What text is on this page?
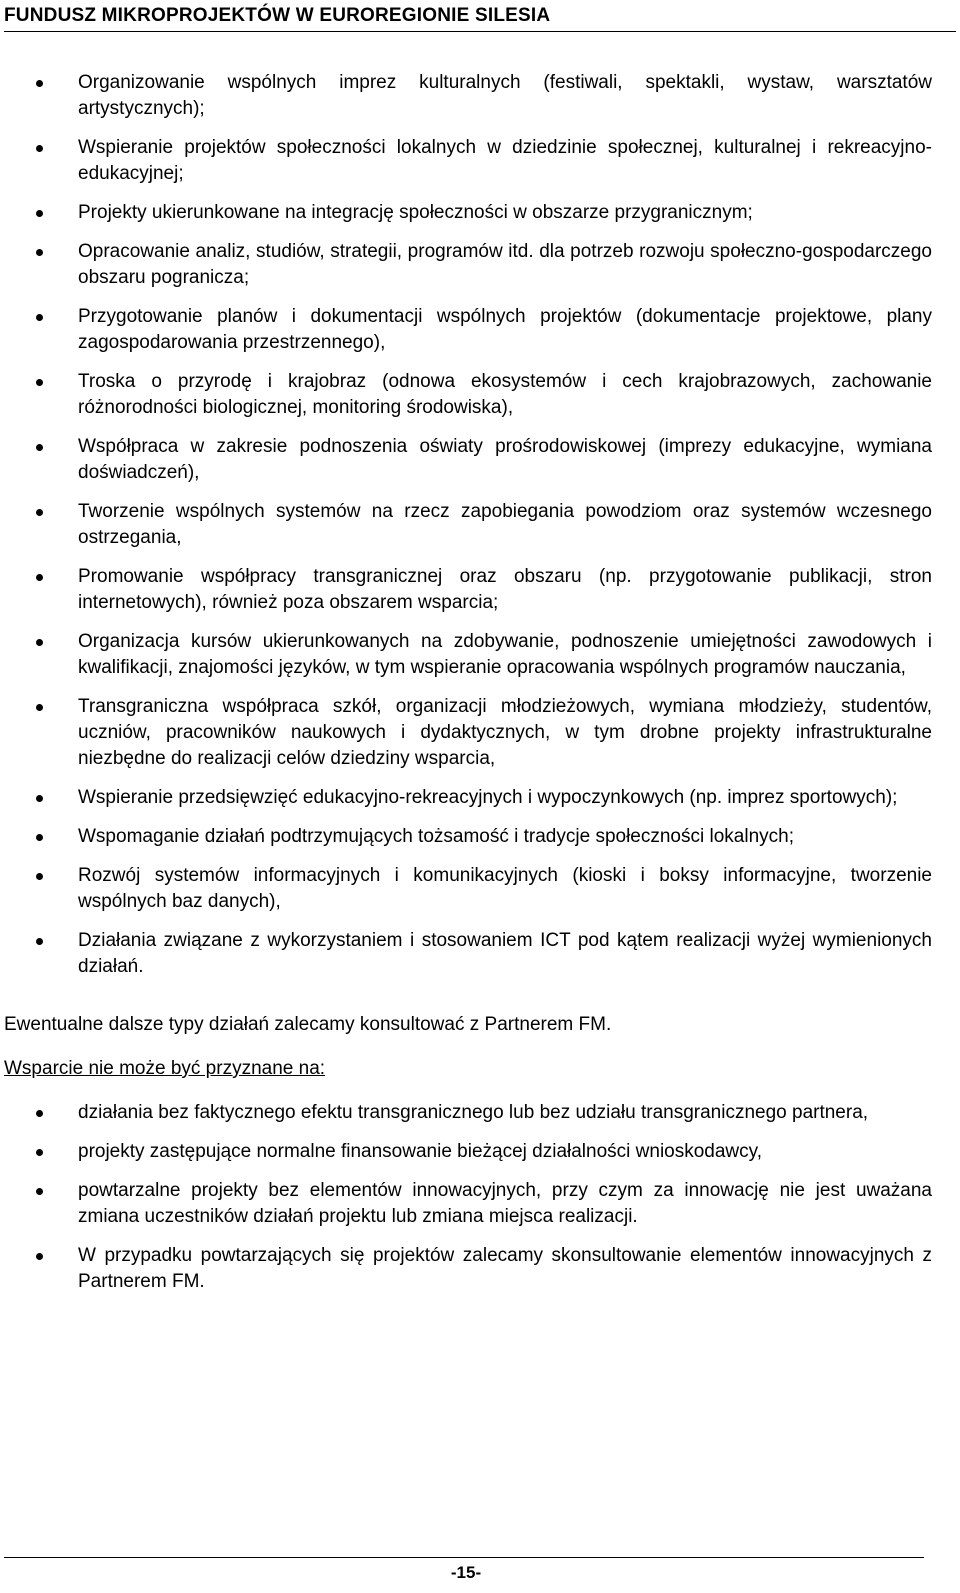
FUNDUSZ MIKROPROJEKTÓW W EUROREGIONIE SILESIA
Organizowanie wspólnych imprez kulturalnych (festiwali, spektakli, wystaw, warsztatów artystycznych);
Wspieranie projektów społeczności lokalnych w dziedzinie społecznej, kulturalnej i rekreacyjno-edukacyjnej;
Projekty ukierunkowane na integrację społeczności w obszarze przygranicznym;
Opracowanie analiz, studiów, strategii, programów itd. dla potrzeb rozwoju społeczno-gospodarczego obszaru pogranicza;
Przygotowanie planów i dokumentacji wspólnych projektów (dokumentacje projektowe, plany zagospodarowania przestrzennego),
Troska o przyrodę i krajobraz (odnowa ekosystemów i cech krajobrazowych, zachowanie różnorodności biologicznej, monitoring środowiska),
Współpraca w zakresie podnoszenia oświaty prośrodowiskowej (imprezy edukacyjne, wymiana doświadczeń),
Tworzenie wspólnych systemów na rzecz zapobiegania powodziom oraz systemów wczesnego ostrzegania,
Promowanie współpracy transgranicznej oraz obszaru (np. przygotowanie publikacji, stron internetowych), również poza obszarem wsparcia;
Organizacja kursów ukierunkowanych na zdobywanie, podnoszenie umiejętności zawodowych i kwalifikacji, znajomości języków, w tym wspieranie opracowania wspólnych programów nauczania,
Transgraniczna współpraca szkół, organizacji młodzieżowych, wymiana młodzieży, studentów, uczniów, pracowników naukowych i dydaktycznych, w tym drobne projekty infrastrukturalne niezbędne do realizacji celów dziedziny wsparcia,
Wspieranie przedsięwzięć edukacyjno-rekreacyjnych i wypoczynkowych (np. imprez sportowych);
Wspomaganie działań podtrzymujących tożsamość i tradycje społeczności lokalnych;
Rozwój systemów informacyjnych i komunikacyjnych (kioski i boksy informacyjne, tworzenie wspólnych baz danych),
Działania związane z wykorzystaniem i stosowaniem ICT pod kątem realizacji wyżej wymienionych działań.

Ewentualne dalsze typy działań zalecamy konsultować z Partnerem FM.

Wsparcie nie może być przyznane na:

działania bez faktycznego efektu transgranicznego lub bez udziału transgranicznego partnera,
projekty zastępujące normalne finansowanie bieżącej działalności wnioskodawcy,
powtarzalne projekty bez elementów innowacyjnych, przy czym za innowację nie jest uważana zmiana uczestników działań projektu lub zmiana miejsca realizacji.
W przypadku powtarzających się projektów zalecamy skonsultowanie elementów innowacyjnych z Partnerem FM.
-15-
